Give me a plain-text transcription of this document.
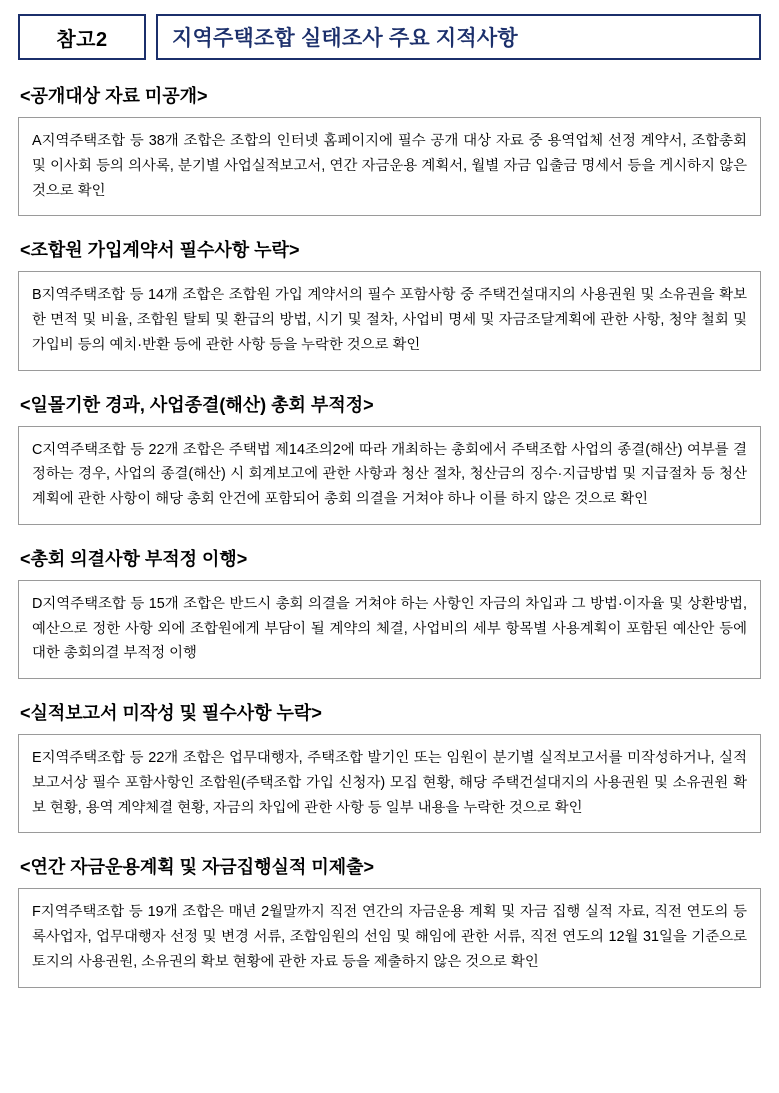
참고2	지역주택조합 실태조사 주요 지적사항
<공개대상 자료 미공개>

A지역주택조합 등 38개 조합은 조합의 인터넷 홈페이지에 필수 공개 대상 자료 중 용역업체 선정 계약서, 조합총회 및 이사회 등의 의사록, 분기별 사업실적보고서, 연간 자금운용 계획서, 월별 자금 입출금 명세서 등을 게시하지 않은 것으로 확인

<조합원 가입계약서 필수사항 누락>

B지역주택조합 등 14개 조합은 조합원 가입 계약서의 필수 포함사항 중 주택건설대지의 사용권원 및 소유권을 확보한 면적 및 비율, 조합원 탈퇴 및 환급의 방법, 시기 및 절차, 사업비 명세 및 자금조달계획에 관한 사항, 청약 철회 및 가입비 등의 예치·반환 등에 관한 사항 등을 누락한 것으로 확인

<일몰기한 경과, 사업종결(해산) 총회 부적정>

C지역주택조합 등 22개 조합은 주택법 제14조의2에 따라 개최하는 총회에서 주택조합 사업의 종결(해산) 여부를 결정하는 경우, 사업의 종결(해산) 시 회계보고에 관한 사항과 청산 절차, 청산금의 징수·지급방법 및 지급절차 등 청산 계획에 관한 사항이 해당 총회 안건에 포함되어 총회 의결을 거쳐야 하나 이를 하지 않은 것으로 확인

<총회 의결사항 부적정 이행>

D지역주택조합 등 15개 조합은 반드시 총회 의결을 거쳐야 하는 사항인 자금의 차입과 그 방법·이자율 및 상환방법, 예산으로 정한 사항 외에 조합원에게 부담이 될 계약의 체결, 사업비의 세부 항목별 사용계획이 포함된 예산안 등에 대한 총회의결 부적정 이행

<실적보고서 미작성 및 필수사항 누락>

E지역주택조합 등 22개 조합은 업무대행자, 주택조합 발기인 또는 임원이 분기별 실적보고서를 미작성하거나, 실적보고서상 필수 포함사항인 조합원(주택조합 가입 신청자) 모집 현황, 해당 주택건설대지의 사용권원 및 소유권원 확보 현황, 용역 계약체결 현황, 자금의 차입에 관한 사항 등 일부 내용을 누락한 것으로 확인

<연간 자금운용계획 및 자금집행실적 미제출>

F지역주택조합 등 19개 조합은 매년 2월말까지 직전 연간의 자금운용 계획 및 자금 집행 실적 자료, 직전 연도의 등록사업자, 업무대행자 선정 및 변경 서류, 조합임원의 선임 및 해임에 관한 서류, 직전 연도의 12월 31일을 기준으로 토지의 사용권원, 소유권의 확보 현황에 관한 자료 등을 제출하지 않은 것으로 확인
